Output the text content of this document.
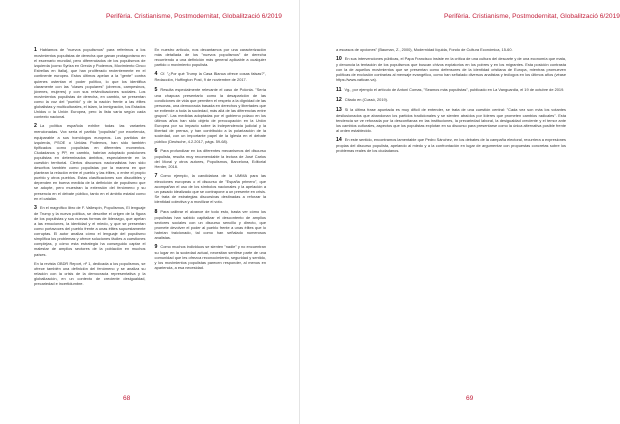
Perifèria. Cristianisme, Postmodernitat, Globalització 6/2019

1 Hablamos de "nuevos populismos" para referirnos a los movimientos populistas de derecha que ganan protagonismo en el escenario mundial, pero diferenciados de los populismos de izquierda (como Syriza en Grecia y Podemos, Movimiento Cinco Estrellas en Italia), que han proliferado recientemente en el continente europeo. Estos últimos apelan a la "gente" contra quienes ostentan el poder político, lo que los identifica claramente con las "clases populares" (obreros, campesinos, jóvenes, mujeres) y con sus reivindicaciones sociales. Los movimientos populistas de derecha, en cambio, se presentan como la voz del "pueblo" y de la nación frente a las élites globalistas y multiculturales, el islam, la inmigración, los Estados Unidos o la Unión Europea, pero la lista varía según cada contexto nacional.

2 La política española exhibe todas las variantes mencionadas. Vox sería el partido "populista" por excelencia, equiparable a sus homólogos europeos. Los partidos de izquierda, PSOE o Unidas Podemos, han sido también tipificados como populistas en diferentes momentos. Ciudadanos y PP, en cambio, habrían adoptado posiciones populistas en determinados ámbitos, especialmente en la cuestión territorial. Ciertos discursos nacionalistas han sido descritos también como populistas por la manera en que plantean la relación entre el pueblo y las élites, o entre el propio pueblo y otros pueblos. Estas clasificaciones son discutibles y dependen en buena medida de la definición de populismo que se adopte, pero muestran la extensión del fenómeno y su presencia en el debate público, tanto en el ámbito estatal como en el catalán.

3 En el magnífico libro de F. Vallespín, Populismos, El lenguaje de Trump y la nueva política, se describe el origen de la figura de los populistas y sus nuevas formas de liderazgo, que apelan a las emociones, la identidad y el miedo, y que se presentan como portavoces del pueblo frente a unas élites supuestamente corruptas. El autor analiza cómo el lenguaje del populismo simplifica los problemas y ofrece soluciones fáciles a cuestiones complejas, y cómo esta estrategia ha conseguido captar el malestar de amplios sectores de la población en muchos países.

En la revista OBDR Report, nº 1, dedicada a los populismos, se ofrece también una definición del fenómeno y se analiza su relación con la crisis de la democracia representativa y la globalización, en un contexto de creciente desigualdad, precariedad e incertidumbre.

En nuestro artículo, nos decantamos por una caracterización más detallada de los "nuevos populismos" de derecha recurriendo a una definición más general aplicable a cualquier partido o movimiento populista.

4 Cf. "¿Por qué Trump la Casa Blanca ofrece cosas falsas?", Redacción, Huffington Post, 9 de noviembre de 2017.

5 Resulta especialmente relevante el caso de Polonia. "Sería una chapuza presentarlo como la desaparición de las condiciones de vida que permiten el respeto a la dignidad de las personas, una democracia basada en derechos y libertades que se extiende a toda la sociedad, más allá de las diferencias entre grupos". Las medidas adoptadas por el gobierno polaco en los últimos años han sido objeto de preocupación en la Unión Europea por su impacto sobre la independencia judicial y la libertad de prensa, y han contribuido a la polarización de la sociedad, con un importante papel de la Iglesia en el debate público (Deutsche, 4.2.2017, págs. 59-68).

6 Para profundizar en los diferentes mecanismos del discurso populista, resulta muy recomendable la lectura de José Carlos del Moral y otros autores, Populismos, Barcelona, Editorial Herder, 2016.

7 Como ejemplo, la candidatura de la UMMA para las elecciones europeas o el discurso de "España primero", que acompañan el uso de los símbolos nacionales y la apelación a un pasado idealizado que se contrapone a un presente en crisis. Se trata de estrategias discursivas destinadas a reforzar la identidad colectiva y a movilizar el voto.

8 Para calibrar el alcance de todo esto, basta ver cómo los populistas han sabido capitalizar el descontento de amplios sectores sociales con un discurso sencillo y directo, que promete devolver el poder al pueblo frente a unas élites que lo habrían traicionado, tal como han señalado numerosos analistas.

9 Como muchos individuos se sienten "nadie" y no encuentran su lugar en la sociedad actual, necesitan sentirse parte de una comunidad que les ofrezca reconocimiento, seguridad y sentido, y los movimientos populistas parecen responder, al menos en apariencia, a esa necesidad.

68
Perifèria. Cristianisme, Postmodernitat, Globalització 6/2019

a escasos de opciones" (Bauman, Z., 2000), Modernidad líquida, Fondo de Cultura Económica, 15-60.

10 En sus intervenciones públicas, el Papa Francisco insiste en la crítica de una cultura del descarte y de una economía que mata, y denuncia la tentación de los populismos que buscan chivos expiatorios en los pobres y en los migrantes. Esta posición contrasta con la de aquellos movimientos que se presentan como defensores de la identidad cristiana de Europa, mientras promueven políticas de exclusión contrarias al mensaje evangélico, como han señalado diversos analistas y teólogos en los últimos años (véase https://www.vatican.va).

11 Vg., por ejemplo el artículo de Antoni Comas, "Seamos más populistas", publicado en La Vanguardia, el 19 de octubre de 2019.

12 Citado en (Cussó, 2019).

13 Si la última frase apuntada es muy difícil de entender, se trata de una cuestión central: "Cada vez son más los votantes desilusionados que abandonan los partidos tradicionales y se sienten atraídos por líderes que prometen cambios radicales". Esta tendencia se ve reforzada por la desconfianza en las instituciones, la precariedad laboral, la desigualdad creciente y el temor ante los cambios culturales, aspectos que los populistas explotan en su discurso para presentarse como la única alternativa posible frente al orden establecido.

14 En este sentido, encontramos lamentable que Pedro Sánchez, en los debates de la campaña electoral, recurriera a expresiones propias del discurso populista, apelando al miedo y a la confrontación en lugar de argumentar con propuestas concretas sobre los problemas reales de los ciudadanos.

69
